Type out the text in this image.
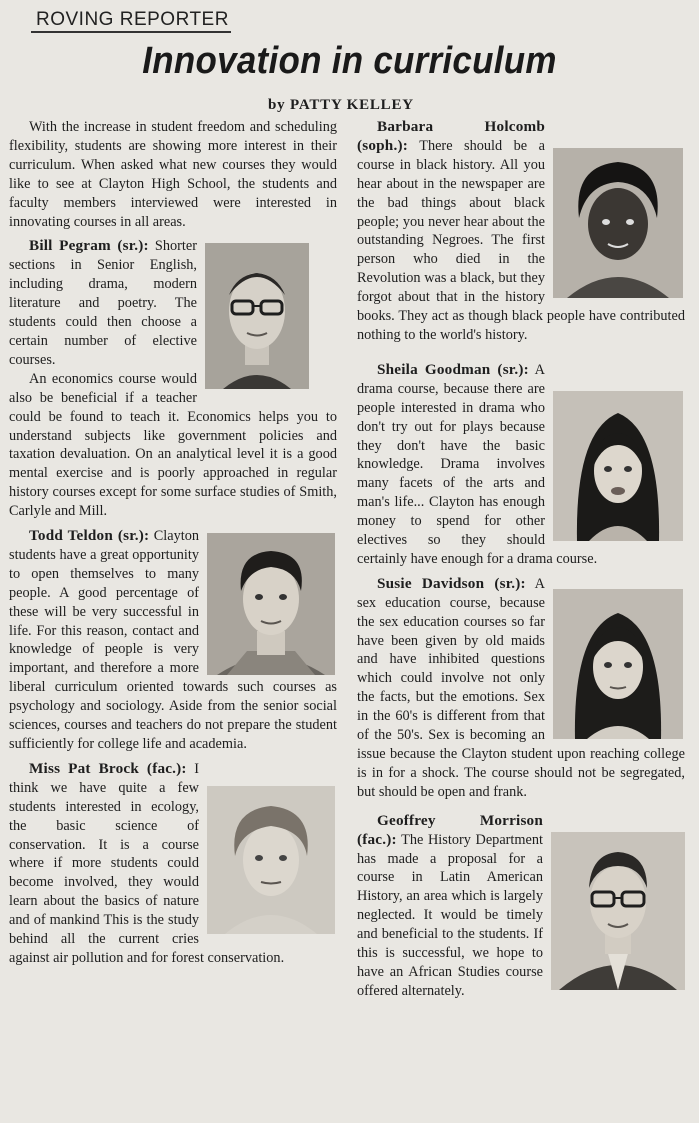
ROVING REPORTER
Innovation in curriculum
by PATTY KELLEY

With the increase in student freedom and scheduling flexibility, students are showing more interest in their curriculum. When asked what new courses they would like to see at Clayton High School, the students and faculty members interviewed were interested in innovating courses in all areas.

Bill Pegram (sr.): Shorter sections in Senior English, including drama, modern literature and poetry. The students could then choose a certain number of elective courses.

An economics course would also be beneficial if a teacher could be found to teach it. Economics helps you to understand subjects like government policies and taxation devaluation. On an analytical level it is a good mental exercise and is poorly approached in regular history courses except for some surface studies of Smith, Carlyle and Mill.

Todd Teldon (sr.): Clayton students have a great opportunity to open themselves to many people. A good percentage of these will be very successful in life. For this reason, contact and knowledge of people is very important, and therefore a more liberal curriculum oriented towards such courses as psychology and sociology. Aside from the senior social sciences, courses and teachers do not prepare the student sufficiently for college life and academia.

Miss Pat Brock (fac.): I think we have quite a few students interested in ecology, the basic science of conservation. It is a course where if more students could become involved, they would learn about the basics of nature and of mankind This is the study behind all the current cries against air pollution and for forest conservation.

Barbara Holcomb (soph.): There should be a course in black history. All you hear about in the newspaper are the bad things about black people; you never hear about the outstanding Negroes. The first person who died in the Revolution was a black, but they forgot about that in the history books. They act as though black people have contributed nothing to the world's history.

Sheila Goodman (sr.): A drama course, because there are people interested in drama who don't try out for plays because they don't have the basic knowledge. Drama involves many facets of the arts and man's life... Clayton has enough money to spend for other electives so they should certainly have enough for a drama course.

Susie Davidson (sr.): A sex education course, because the sex education courses so far have been given by old maids and have inhibited questions which could involve not only the facts, but the emotions. Sex in the 60's is different from that of the 50's. Sex is becoming an issue because the Clayton student upon reaching college is in for a shock. The course should not be segregated, but should be open and frank.

Geoffrey Morrison (fac.): The History Department has made a proposal for a course in Latin American History, an area which is largely neglected. It would be timely and beneficial to the students. If this is successful, we hope to have an African Studies course offered alternately.
